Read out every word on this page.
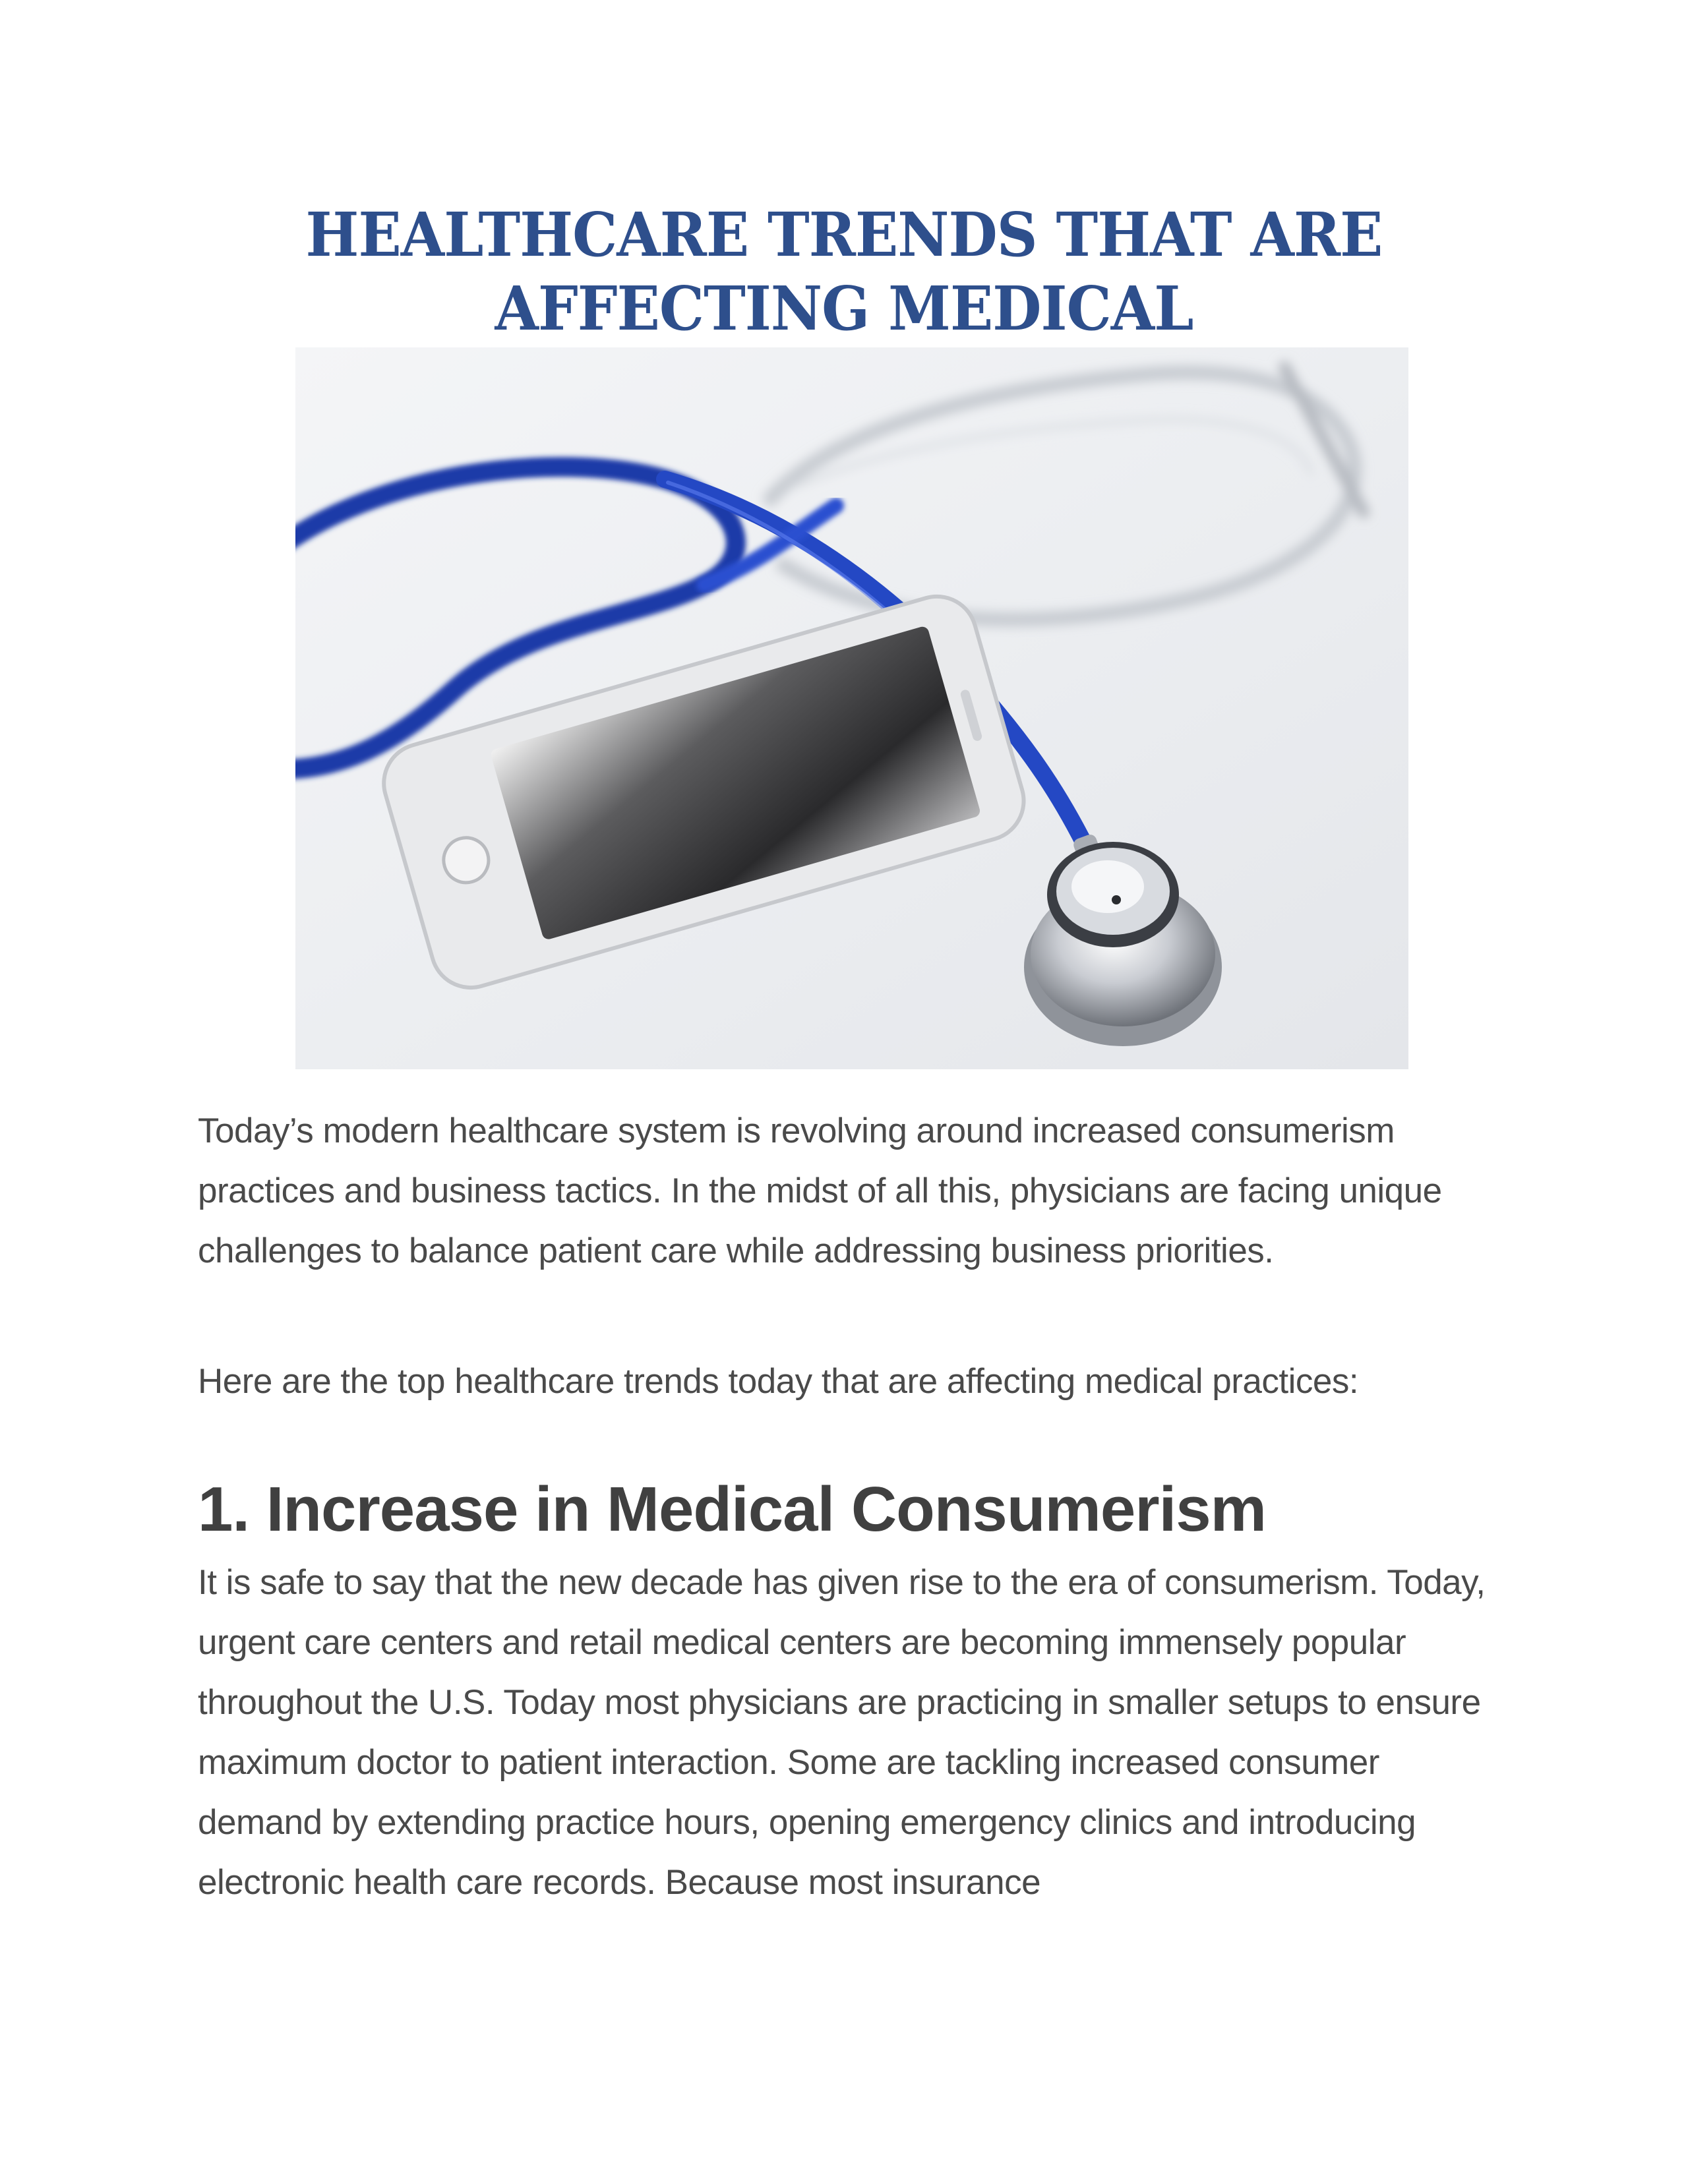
HEALTHCARE TRENDS THAT ARE
AFFECTING MEDICAL

Today’s modern healthcare system is revolving around increased consumerism practices and business tactics. In the midst of all this, physicians are facing unique challenges to balance patient care while addressing business priorities.

Here are the top healthcare trends today that are affecting medical practices:

1. Increase in Medical Consumerism

It is safe to say that the new decade has given rise to the era of consumerism. Today, urgent care centers and retail medical centers are becoming immensely popular throughout the U.S. Today most physicians are practicing in smaller setups to ensure maximum doctor to patient interaction. Some are tackling increased consumer demand by extending practice hours, opening emergency clinics and introducing electronic health care records. Because most insurance
